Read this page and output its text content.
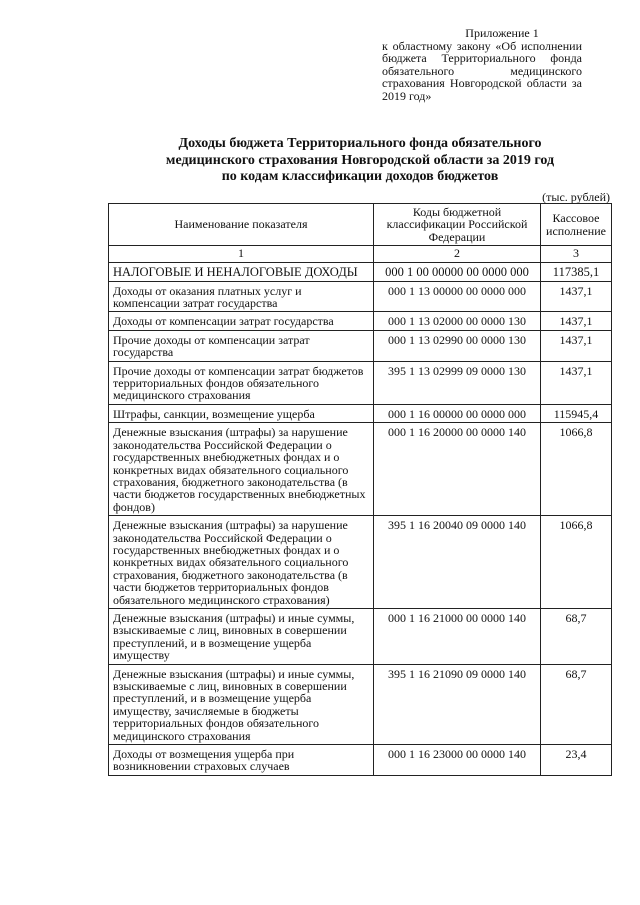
Приложение 1
к областному закону «Об исполнении бюджета Территориального фонда обязательного медицинского страхования Новгородской области за 2019 год»
Доходы бюджета Территориального фонда обязательного
медицинского страхования Новгородской области за 2019 год
по кодам классификации доходов бюджетов
(тыс. рублей)
Наименование показателя	Коды бюджетной классификации Российской Федерации	Кассовое исполнение
1	2	3
НАЛОГОВЫЕ И НЕНАЛОГОВЫЕ ДОХОДЫ	000 1 00 00000 00 0000 000	117385,1
Доходы от оказания платных услуг и компенсации затрат государства	000 1 13 00000 00 0000 000	1437,1
Доходы от компенсации затрат государства	000 1 13 02000 00 0000 130	1437,1
Прочие доходы от компенсации затрат государства	000 1 13 02990 00 0000 130	1437,1
Прочие доходы от компенсации затрат бюджетов территориальных фондов обязательного медицинского страхования	395 1 13 02999 09 0000 130	1437,1
Штрафы, санкции, возмещение ущерба	000 1 16 00000 00 0000 000	115945,4
Денежные взыскания (штрафы) за нарушение законодательства Российской Федерации о государственных внебюджетных фондах и о конкретных видах обязательного социального страхования, бюджетного законодательства (в части бюджетов государственных внебюджетных фондов)	000 1 16 20000 00 0000 140	1066,8
Денежные взыскания (штрафы) за нарушение законодательства Российской Федерации о государственных внебюджетных фондах и о конкретных видах обязательного социального страхования, бюджетного законодательства (в части бюджетов территориальных фондов обязательного медицинского страхования)	395 1 16 20040 09 0000 140	1066,8
Денежные взыскания (штрафы) и иные суммы, взыскиваемые с лиц, виновных в совершении преступлений, и в возмещение ущерба имуществу	000 1 16 21000 00 0000 140	68,7
Денежные взыскания (штрафы) и иные суммы, взыскиваемые с лиц, виновных в совершении преступлений, и в возмещение ущерба имуществу, зачисляемые в бюджеты территориальных фондов обязательного медицинского страхования	395 1 16 21090 09 0000 140	68,7
Доходы от возмещения ущерба при возникновении страховых случаев	000 1 16 23000 00 0000 140	23,4
